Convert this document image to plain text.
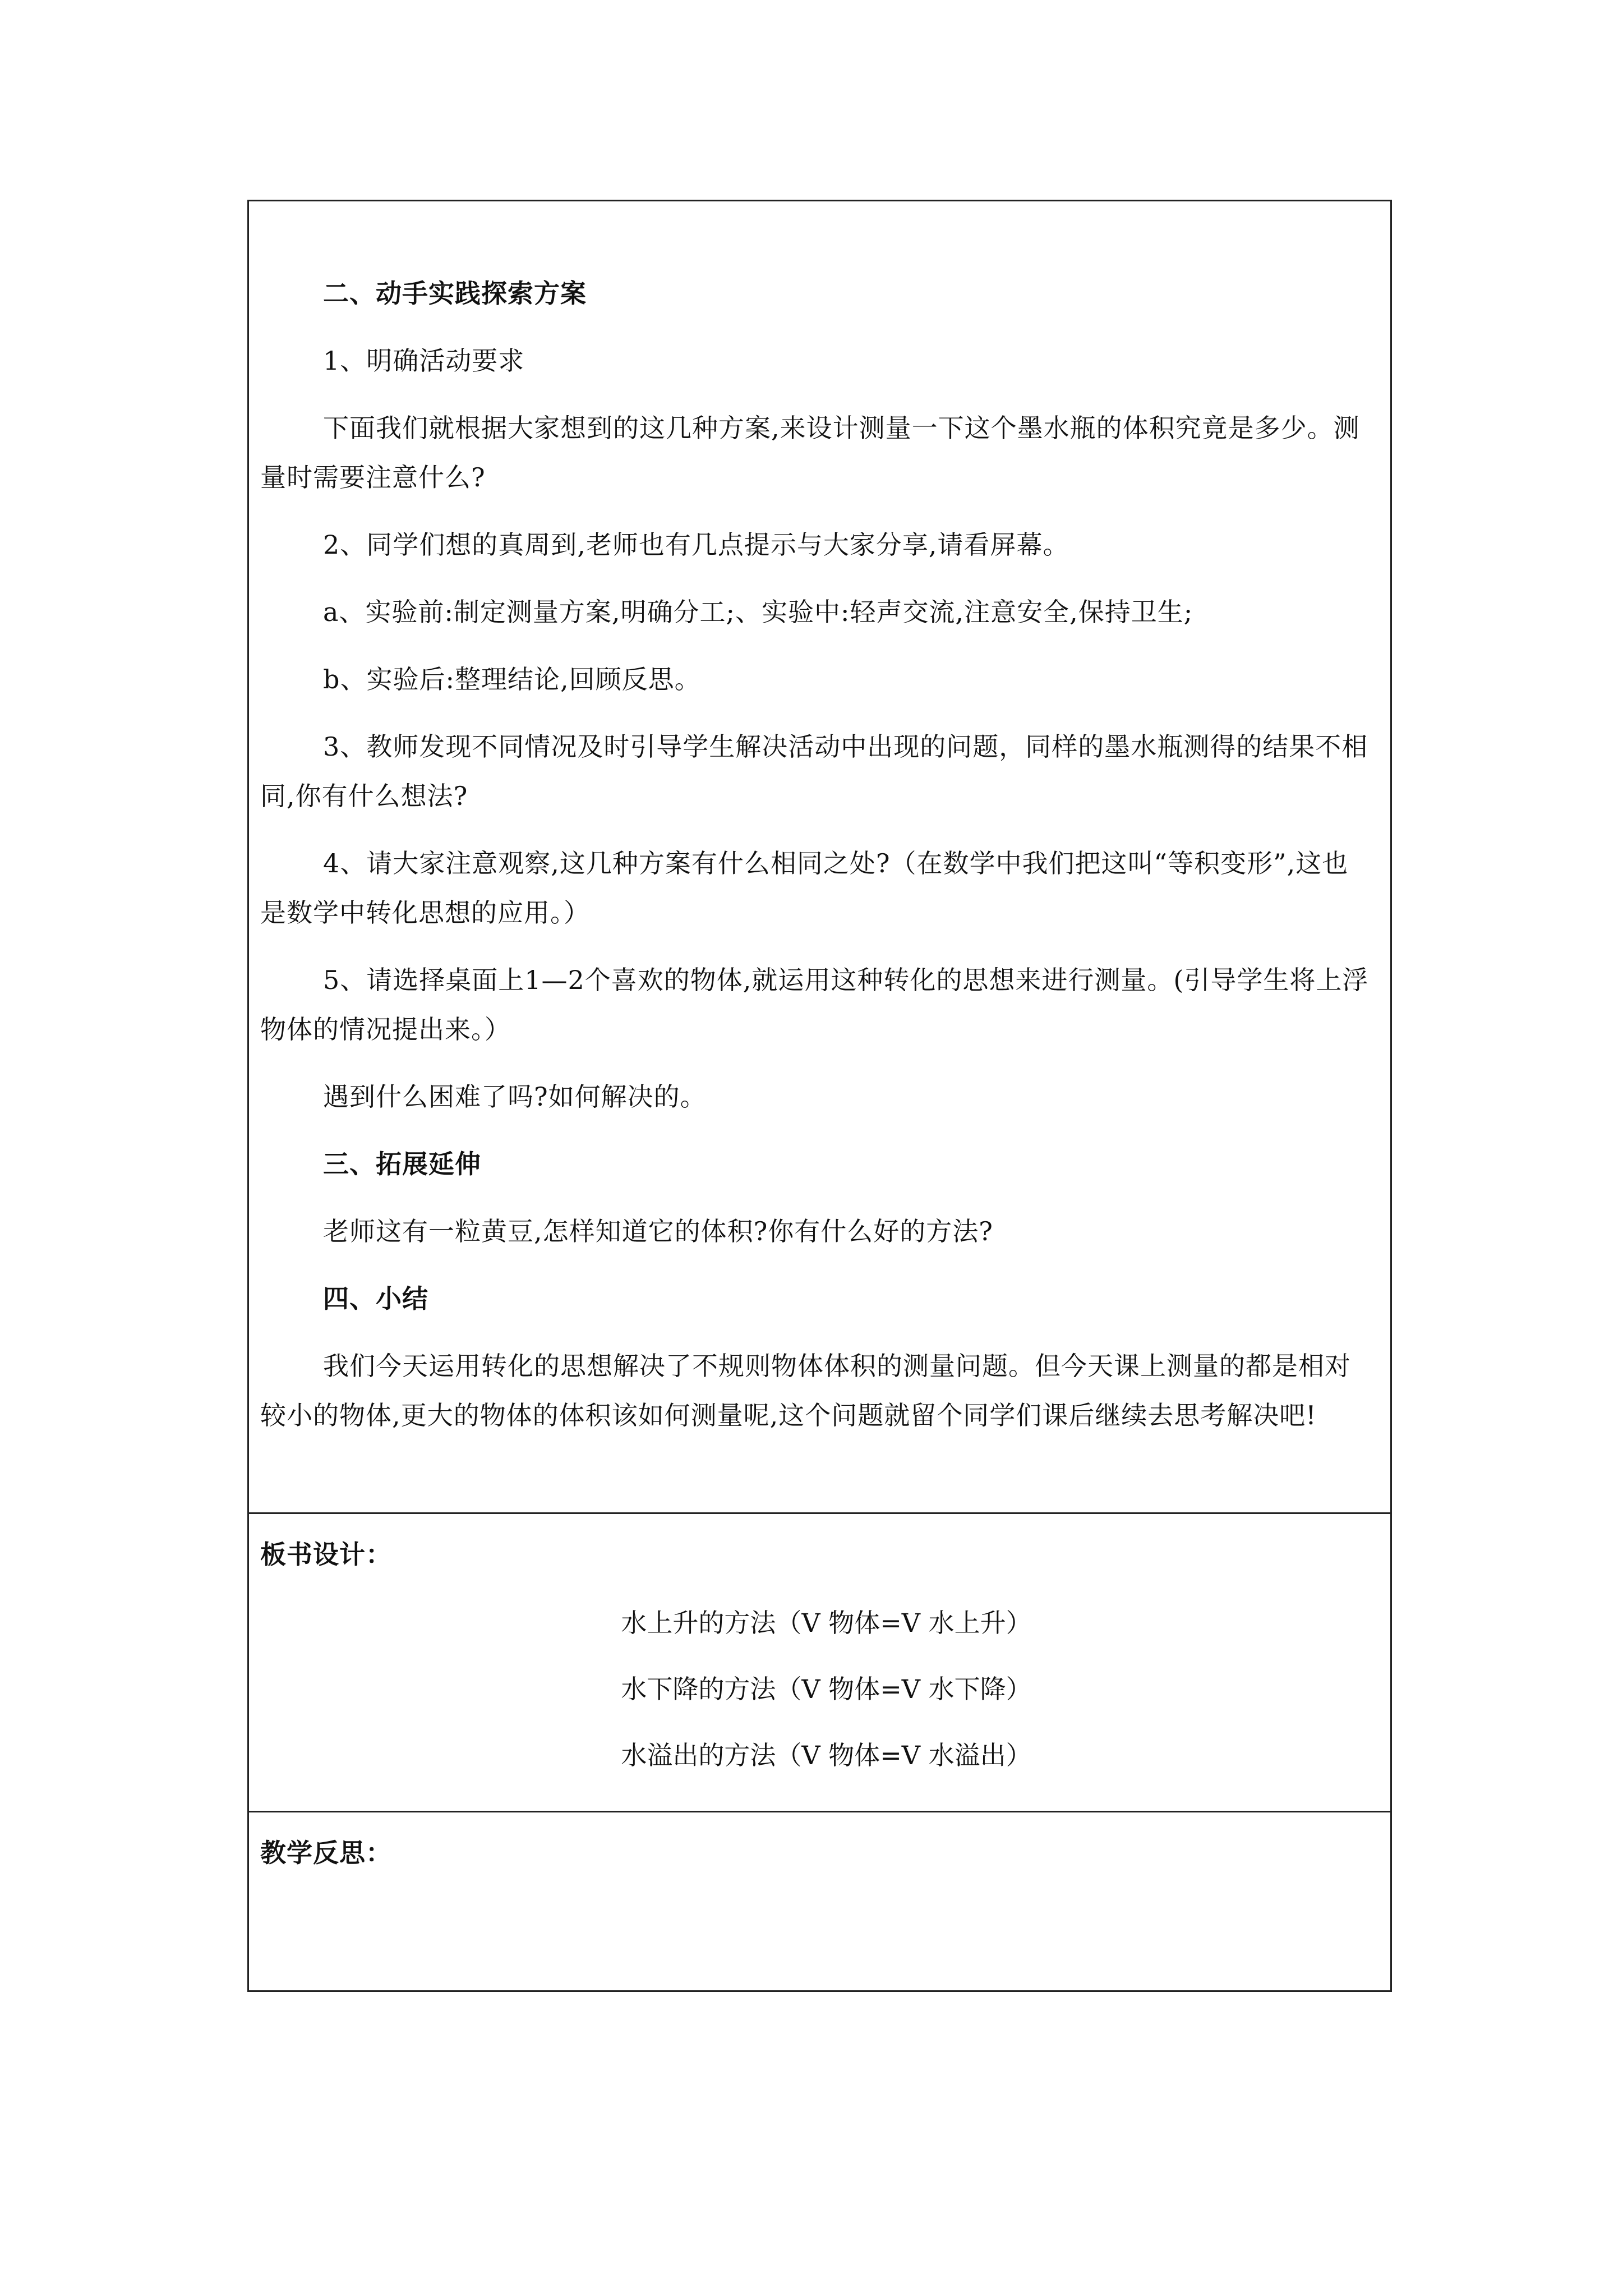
二、动手实践探索方案

1、明确活动要求

下面我们就根据大家想到的这几种方案,来设计测量一下这个墨水瓶的体积究竟是多少。测量时需要注意什么?

2、同学们想的真周到,老师也有几点提示与大家分享,请看屏幕。

a、实验前:制定测量方案,明确分工;、实验中:轻声交流,注意安全,保持卫生;

b、实验后:整理结论,回顾反思。

3、教师发现不同情况及时引导学生解决活动中出现的问题，同样的墨水瓶测得的结果不相同,你有什么想法?

4、请大家注意观察,这几种方案有什么相同之处?（在数学中我们把这叫“等积变形”,这也是数学中转化思想的应用。）

5、请选择桌面上1—2个喜欢的物体,就运用这种转化的思想来进行测量。(引导学生将上浮物体的情况提出来。）

遇到什么困难了吗?如何解决的。

三、拓展延伸

老师这有一粒黄豆,怎样知道它的体积?你有什么好的方法?

四、小结

我们今天运用转化的思想解决了不规则物体体积的测量问题。但今天课上测量的都是相对较小的物体,更大的物体的体积该如何测量呢,这个问题就留个同学们课后继续去思考解决吧!

板书设计：
水上升的方法（V 物体=V 水上升）
水下降的方法（V 物体=V 水下降）
水溢出的方法（V 物体=V 水溢出）
教学反思：
